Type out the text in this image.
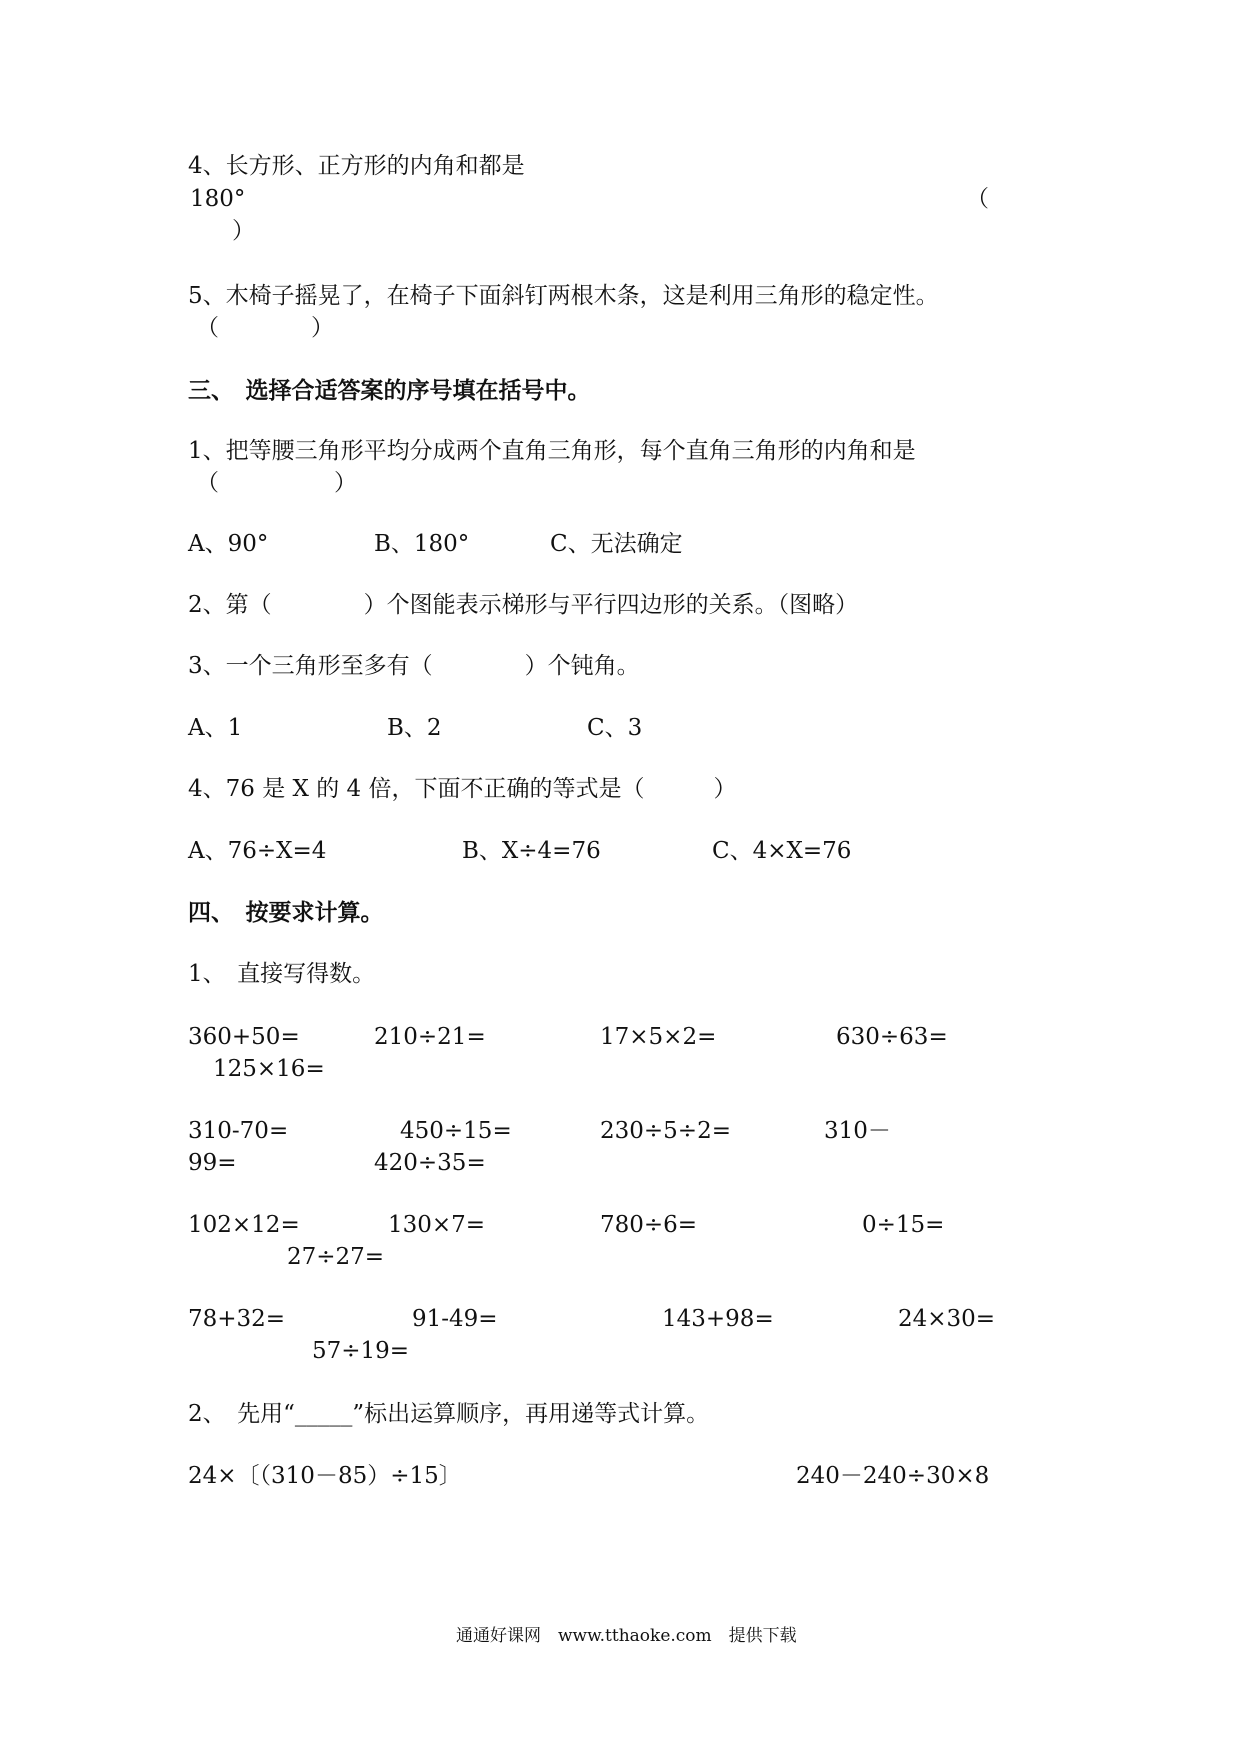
4、长方形、正方形的内角和都是
180°	（
）
5、木椅子摇晃了，在椅子下面斜钉两根木条，这是利用三角形的稳定性。
（　　　　）
三、　选择合适答案的序号填在括号中。
1、把等腰三角形平均分成两个直角三角形，每个直角三角形的内角和是
（　　　　　）
A、90°	B、180°	C、无法确定
2、第（　　　　）个图能表示梯形与平行四边形的关系。（图略）
3、一个三角形至多有（　　　　）个钝角。
A、1	B、2	C、3
4、76 是 X 的 4 倍，下面不正确的等式是（　　　）
A、76÷X=4	B、X÷4=76	C、4×X=76
四、　按要求计算。
1、　直接写得数。
360+50=	210÷21=	17×5×2=	630÷63=
125×16=
310-70=	450÷15=	230÷5÷2=	310－
99=	420÷35=
102×12=	130×7=	780÷6=	0÷15=
27÷27=
78+32=	91-49=	143+98=	24×30=
57÷19=
2、　先用“_____”标出运算顺序，再用递等式计算。
24×〔（310－85）÷15〕	240－240÷30×8
通通好课网　www.tthaoke.com　提供下载
